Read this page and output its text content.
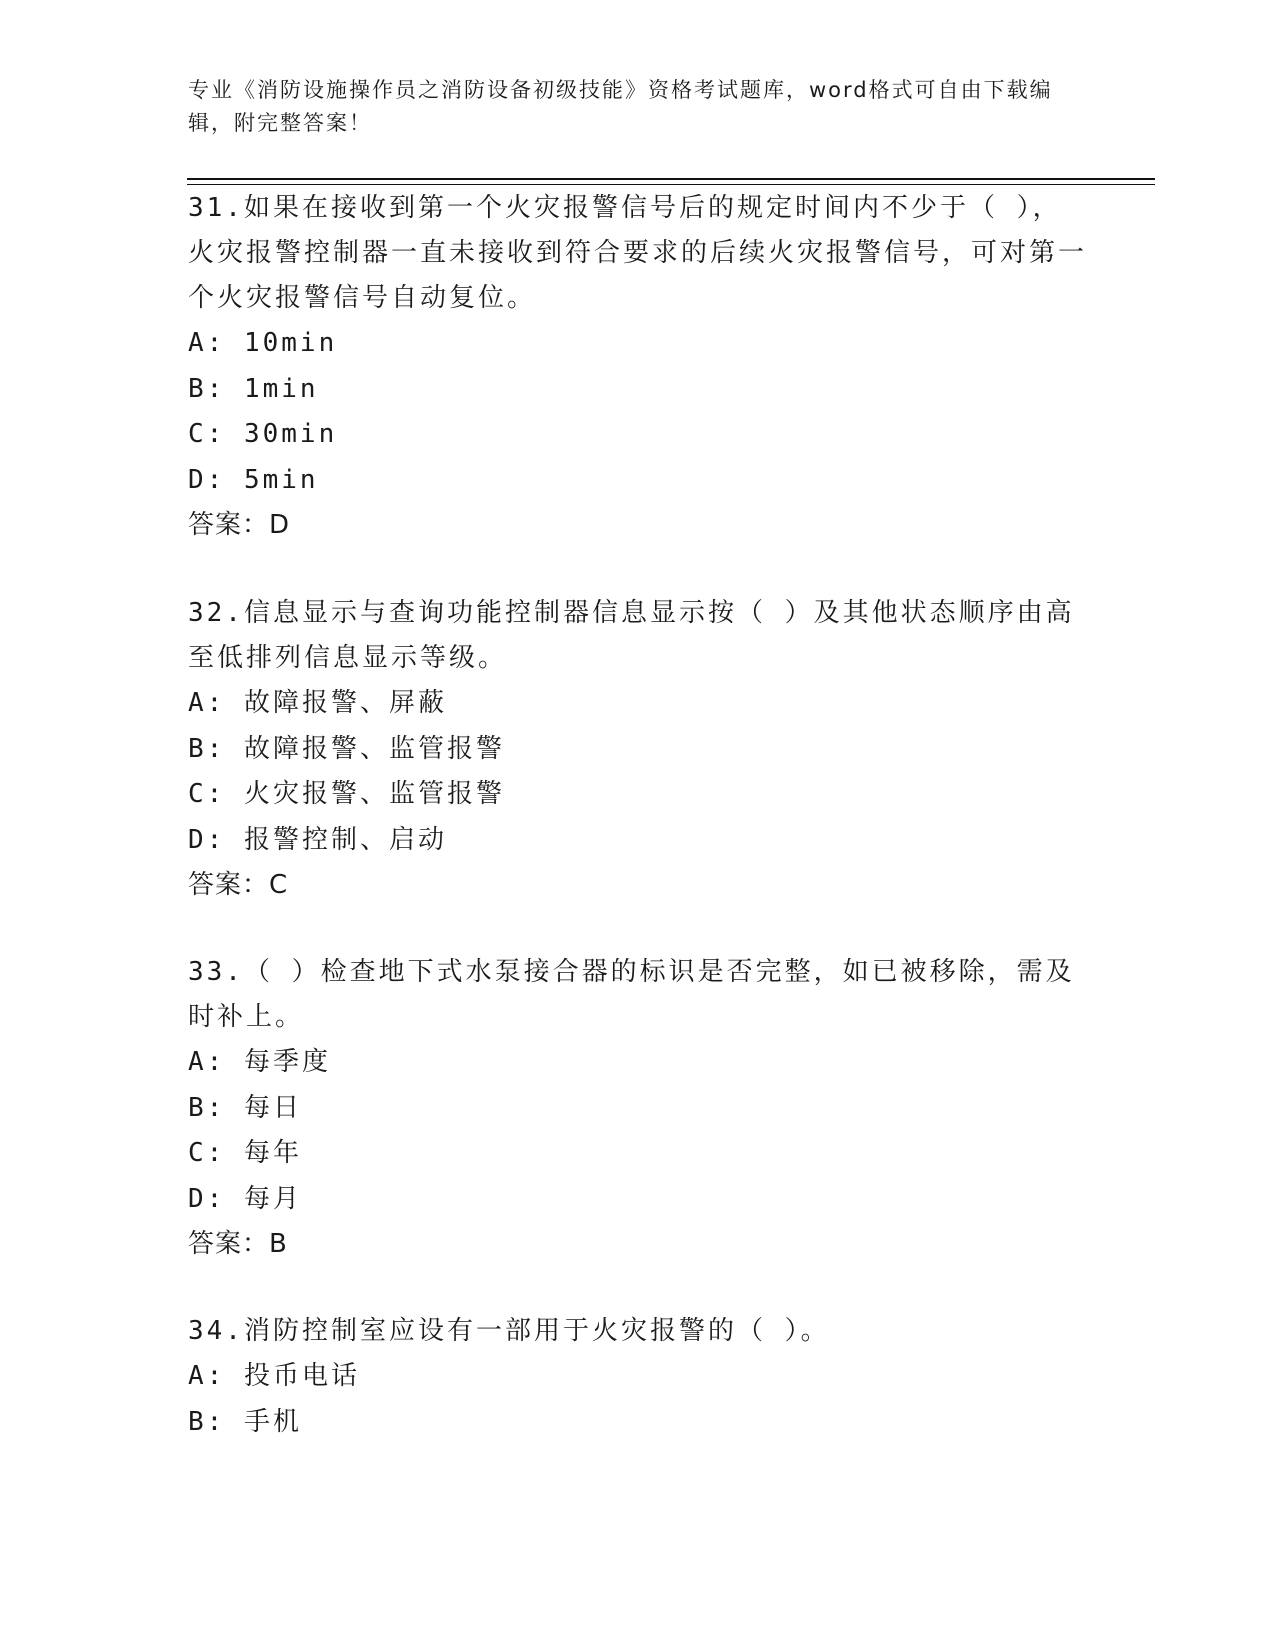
专业《消防设施操作员之消防设备初级技能》资格考试题库，word格式可自由下载编辑，附完整答案！

31.如果在接收到第一个火灾报警信号后的规定时间内不少于（ ），火灾报警控制器一直未接收到符合要求的后续火灾报警信号，可对第一个火灾报警信号自动复位。

A: 10min

B: 1min

C: 30min

D: 5min

答案：D

32.信息显示与查询功能控制器信息显示按（ ）及其他状态顺序由高至低排列信息显示等级。

A: 故障报警、屏蔽

B: 故障报警、监管报警

C: 火灾报警、监管报警

D: 报警控制、启动

答案：C

33.（ ）检查地下式水泵接合器的标识是否完整，如已被移除，需及时补上。

A: 每季度

B: 每日

C: 每年

D: 每月

答案：B

34.消防控制室应设有一部用于火灾报警的（ ）。

A: 投币电话

B: 手机
